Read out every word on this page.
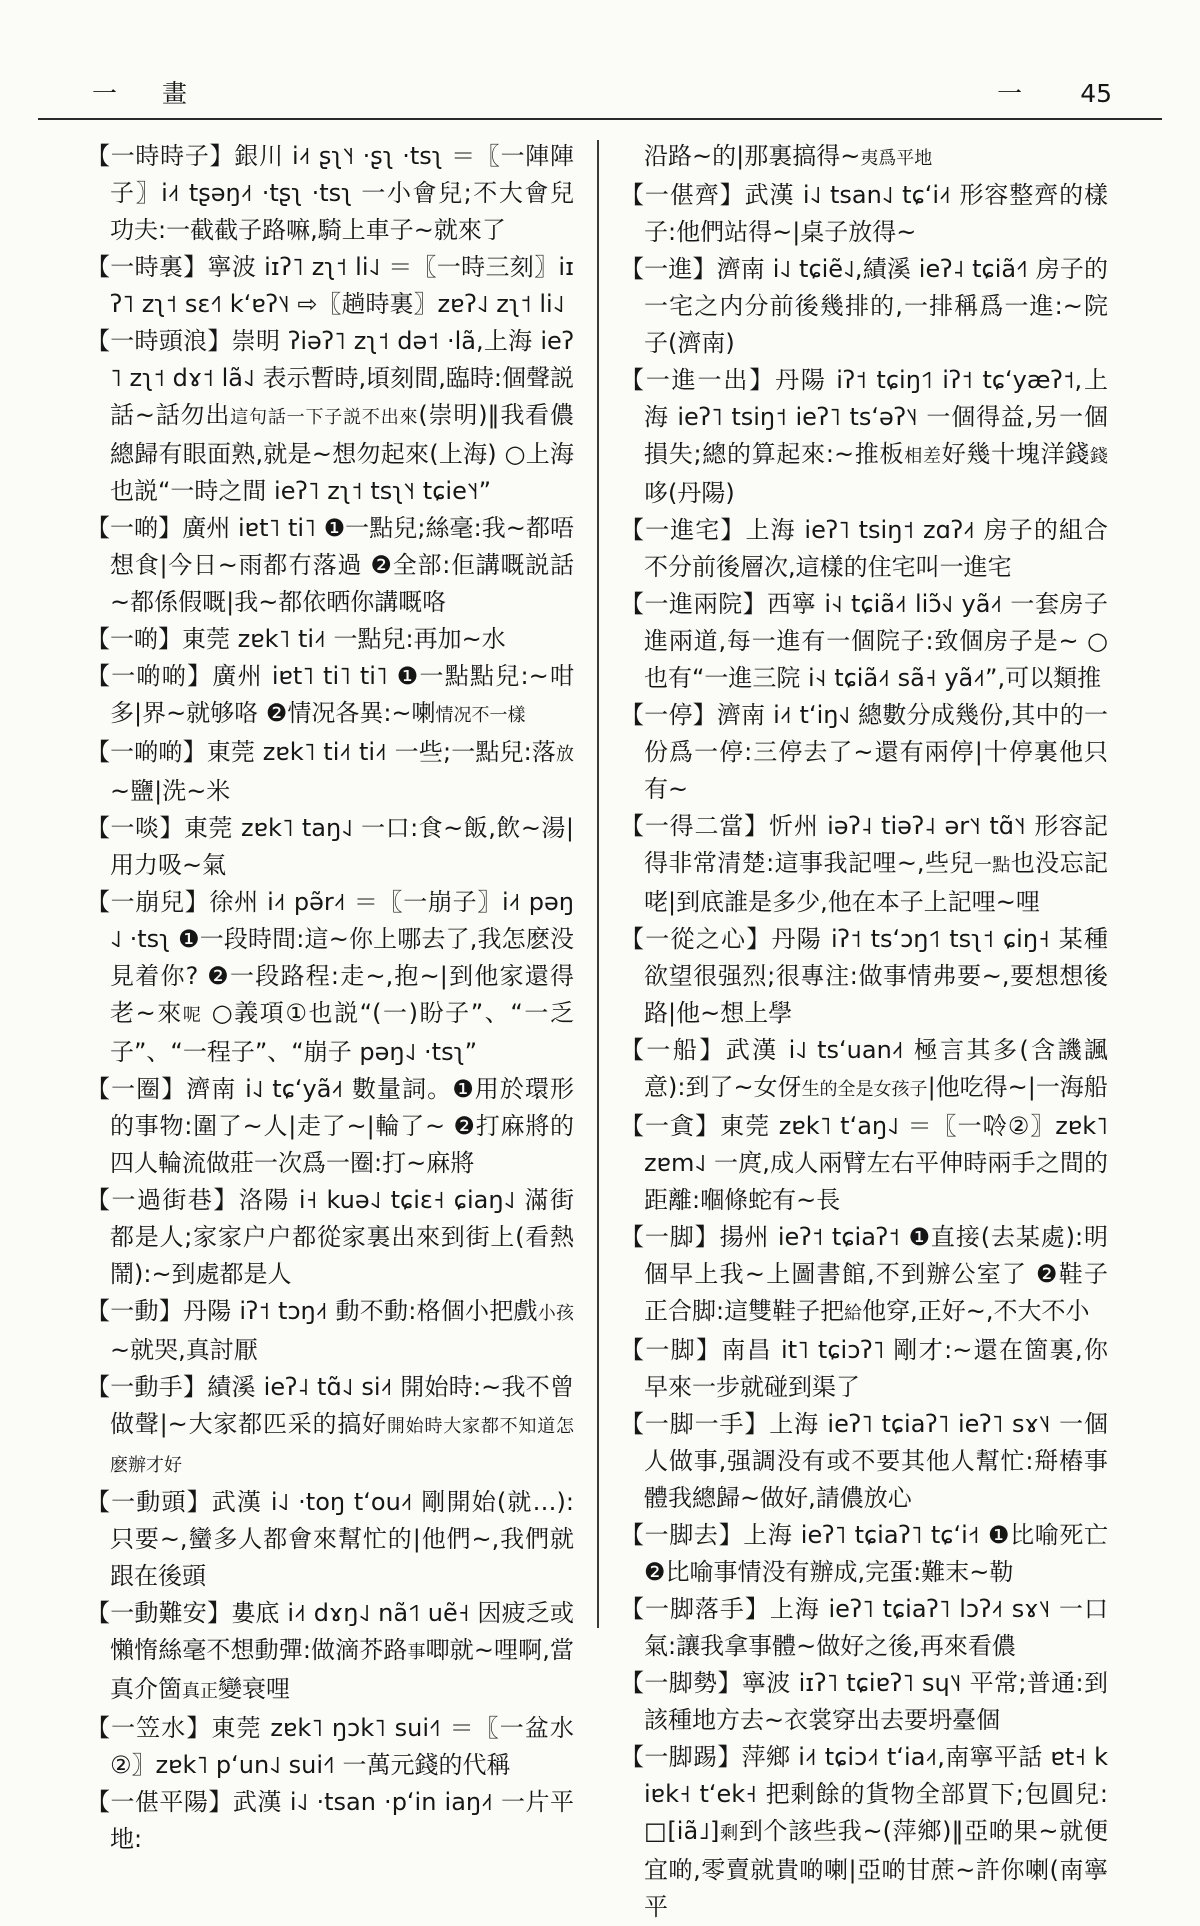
一　畫	一 45

【一時時子】銀川 i˨˦ ʂʅ˥˧ ·ʂʅ ·tsʅ ＝〖一陣陣子〗i˨˦ tʂəŋ˨˦ ·tʂʅ ·tsʅ 一小會兒;不大會兒功夫:一截截子路嘛,騎上車子~就來了

【一時裏】寧波 iɪʔ˥ zʅ˦ li˨˩ ＝〖一時三刻〗iɪʔ˥ zʅ˦ sɛ˧˥ kʻɐʔ˥˨ ⇨〖趟時裏〗zɐʔ˨˩ zʅ˦ li˨˩

【一時頭浪】崇明 ʔiəʔ˥ zʅ˦ də˦ ·lã,上海 ieʔ˥ zʅ˦ dɤ˦ lã˨˩ 表示暫時,頃刻間,臨時:個聲説話~話勿出這句話一下子説不出來(崇明)‖我看儂總歸有眼面熟,就是~想勿起來(上海) ○上海也説“一時之間 ieʔ˥ zʅ˦ tsʅ˥˧ tɕie˥˧”

【一啲】廣州 iɐt˥ ti˥ ❶一點兒;絲毫:我~都唔想食|今日~雨都冇落過 ❷全部:佢講嘅説話~都係假嘅|我~都依晒你講嘅咯

【一啲】東莞 zɐk˥ ti˨˦ 一點兒:再加~水

【一啲啲】廣州 iɐt˥ ti˥ ti˥ ❶一點點兒:~咁多|界~就够咯 ❷情况各異:~喇情况不一樣

【一啲啲】東莞 zɐk˥ ti˨˦ ti˨˦ 一些;一點兒:落放~鹽|洗~米

【一啖】東莞 zɐk˥ taŋ˨˩ 一口:食~飯,飲~湯|用力吸~氣

【一崩兒】徐州 i˨˦ pə̃r˨˦ ＝〖一崩子〗i˨˦ pəŋ˨˩ ·tsʅ ❶一段時間:這~你上哪去了,我怎麽没見着你? ❷一段路程:走~,抱~|到他家還得老~來呢 ○義項①也説“(一)盼子”、“一乏子”、“一程子”、“崩子 pəŋ˨˩ ·tsʅ”

【一圈】濟南 i˨˩ tɕʻyã˨˦ 數量詞。❶用於環形的事物:圍了~人|走了~|輪了~ ❷打麻將的四人輪流做莊一次爲一圈:打~麻將

【一過街巷】洛陽 i˧ kuə˨˩ tɕiɛ˧ ɕiaŋ˨˩ 滿街都是人;家家户户都從家裏出來到街上(看熱鬧):~到處都是人

【一動】丹陽 iʔ˦ tɔŋ˨˦ 動不動:格個小把戲小孩~就哭,真討厭

【一動手】績溪 ieʔ˨ tɑ̃˨˩ si˨˦ 開始時:~我不曾做聲|~大家都匹采的搞好開始時大家都不知道怎麽辦才好

【一動頭】武漢 i˨˩ ·toŋ tʻou˨˦ 剛開始(就…):只要~,蠻多人都會來幫忙的|他們~,我們就跟在後頭

【一動難安】婁底 i˨˦ dɤŋ˨˩ nã˦˥ uẽ˧ 因疲乏或懶惰絲毫不想動彈:做滴芥路事唧就~哩啊,當真介箇真正變衰哩

【一笠水】東莞 zɐk˥ ŋɔk˥ sui˧˥ ＝〖一盆水②〗zɐk˥ pʻun˨˩ sui˧˥ 一萬元錢的代稱

【一偡平陽】武漢 i˨˩ ·tsan ·pʻin iaŋ˨˦ 一片平地:

沿路~的|那裏搞得~夷爲平地

【一偡齊】武漢 i˨˩ tsan˨˩ tɕʻi˨˦ 形容整齊的樣子:他們站得~|桌子放得~

【一進】濟南 i˨˩ tɕiẽ˨˩,績溪 ieʔ˨ tɕiã˧˥ 房子的一宅之内分前後幾排的,一排稱爲一進:~院子(濟南)

【一進一出】丹陽 iʔ˦ tɕiŋ˦˥ iʔ˦ tɕʻyæʔ˦,上海 ieʔ˥ tsiŋ˦ ieʔ˥ tsʻəʔ˥˨ 一個得益,另一個損失;總的算起來:~推板相差好幾十塊洋錢錢哆(丹陽)

【一進宅】上海 ieʔ˥ tsiŋ˦ zɑʔ˨˦ 房子的組合不分前後層次,這樣的住宅叫一進宅

【一進兩院】西寧 i˧˨ tɕiã˨˦ liɔ̃˧˩ yã˨˦ 一套房子進兩道,每一進有一個院子:致個房子是~ ○也有“一進三院 i˧˨ tɕiã˨˦ sã˧ yã˨˦”,可以類推

【一停】濟南 i˨˦ tʻiŋ˧˩ 總數分成幾份,其中的一份爲一停:三停去了~還有兩停|十停裏他只有~

【一得二當】忻州 iəʔ˨ tiəʔ˨ ər˥˧ tɑ̃˥˧ 形容記得非常清楚:這事我記哩~,些兒一點也没忘記咾|到底誰是多少,他在本子上記哩~哩

【一從之心】丹陽 iʔ˦ tsʻɔŋ˦˥ tsʅ˦ ɕiŋ˧ 某種欲望很强烈;很專注:做事情弗要~,要想想後路|他~想上學

【一船】武漢 i˨˩ tsʻuan˨˦ 極言其多(含譏諷意):到了~女伢生的全是女孩子|他吃得~|一海船

【一貪】東莞 zɐk˥ tʻaŋ˨˩ ＝〖一唥②〗zɐk˥ zɐm˨˩ 一庹,成人兩臂左右平伸時兩手之間的距離:嗰條蛇有~長

【一脚】揚州 ieʔ˦ tɕiaʔ˦ ❶直接(去某處):明個早上我~上圖書館,不到辦公室了 ❷鞋子正合脚:這雙鞋子把給他穿,正好~,不大不小

【一脚】南昌 it˥ tɕiɔʔ˥ 剛才:~還在箇裏,你早來一步就碰到渠了

【一脚一手】上海 ieʔ˥ tɕiaʔ˥ ieʔ˥ sɤ˥˨ 一個人做事,强調没有或不要其他人幫忙:搿樁事體我總歸~做好,請儂放心

【一脚去】上海 ieʔ˥ tɕiaʔ˥ tɕʻi˧˦ ❶比喻死亡 ❷比喻事情没有辦成,完蛋:難末~勒

【一脚落手】上海 ieʔ˥ tɕiaʔ˥ lɔʔ˨˦ sɤ˥˨ 一口氣:讓我拿事體~做好之後,再來看儂

【一脚勢】寧波 iɪʔ˥ tɕiɐʔ˥ sɥ˥˨ 平常;普通:到該種地方去~衣裳穿出去要坍臺個

【一脚踢】萍鄉 i˨˦ tɕiɔ˨˦ tʻia˨˦,南寧平話 ɐt˧ kiɐk˧ tʻek˧ 把剩餘的貨物全部買下;包圓兒:□[iã˩]剩到个該些我~(萍鄉)‖亞啲果~就便宜啲,零賣就貴啲喇|亞啲甘蔗~許你喇(南寧平
